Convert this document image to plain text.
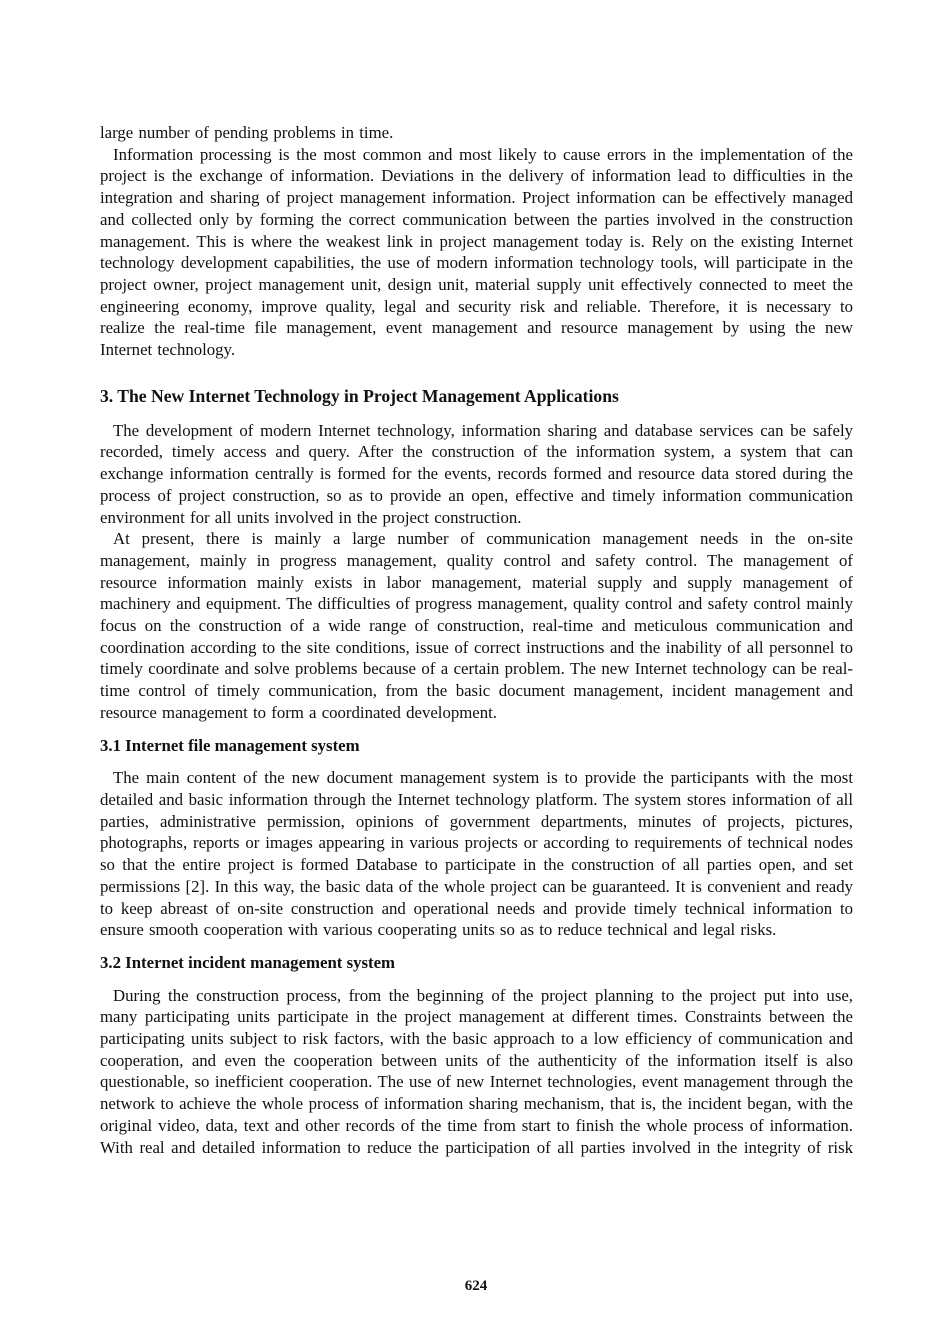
large number of pending problems in time.

Information processing is the most common and most likely to cause errors in the implementation of the project is the exchange of information. Deviations in the delivery of information lead to difficulties in the integration and sharing of project management information. Project information can be effectively managed and collected only by forming the correct communication between the parties involved in the construction management. This is where the weakest link in project management today is. Rely on the existing Internet technology development capabilities, the use of modern information technology tools, will participate in the project owner, project management unit, design unit, material supply unit effectively connected to meet the engineering economy, improve quality, legal and security risk and reliable. Therefore, it is necessary to realize the real-time file management, event management and resource management by using the new Internet technology.

3. The New Internet Technology in Project Management Applications

The development of modern Internet technology, information sharing and database services can be safely recorded, timely access and query. After the construction of the information system, a system that can exchange information centrally is formed for the events, records formed and resource data stored during the process of project construction, so as to provide an open, effective and timely information communication environment for all units involved in the project construction.

At present, there is mainly a large number of communication management needs in the on-site management, mainly in progress management, quality control and safety control. The management of resource information mainly exists in labor management, material supply and supply management of machinery and equipment. The difficulties of progress management, quality control and safety control mainly focus on the construction of a wide range of construction, real-time and meticulous communication and coordination according to the site conditions, issue of correct instructions and the inability of all personnel to timely coordinate and solve problems because of a certain problem. The new Internet technology can be real-time control of timely communication, from the basic document management, incident management and resource management to form a coordinated development.

3.1 Internet file management system

The main content of the new document management system is to provide the participants with the most detailed and basic information through the Internet technology platform. The system stores information of all parties, administrative permission, opinions of government departments, minutes of projects, pictures, photographs, reports or images appearing in various projects or according to requirements of technical nodes so that the entire project is formed Database to participate in the construction of all parties open, and set permissions [2]. In this way, the basic data of the whole project can be guaranteed. It is convenient and ready to keep abreast of on-site construction and operational needs and provide timely technical information to ensure smooth cooperation with various cooperating units so as to reduce technical and legal risks.

3.2 Internet incident management system

During the construction process, from the beginning of the project planning to the project put into use, many participating units participate in the project management at different times. Constraints between the participating units subject to risk factors, with the basic approach to a low efficiency of communication and cooperation, and even the cooperation between units of the authenticity of the information itself is also questionable, so inefficient cooperation. The use of new Internet technologies, event management through the network to achieve the whole process of information sharing mechanism, that is, the incident began, with the original video, data, text and other records of the time from start to finish the whole process of information. With real and detailed information to reduce the participation of all parties involved in the integrity of risk

624
